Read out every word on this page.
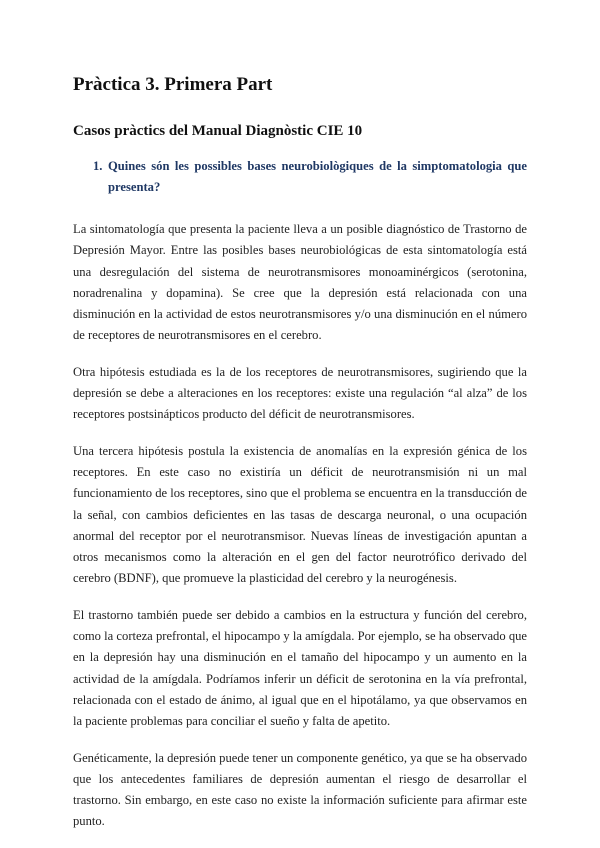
Pràctica 3. Primera Part
Casos pràctics del Manual Diagnòstic CIE 10
1. Quines són les possibles bases neurobiològiques de la simptomatologia que presenta?

La sintomatología que presenta la paciente lleva a un posible diagnóstico de Trastorno de Depresión Mayor. Entre las posibles bases neurobiológicas de esta sintomatología está una desregulación del sistema de neurotransmisores monoaminérgicos (serotonina, noradrenalina y dopamina). Se cree que la depresión está relacionada con una disminución en la actividad de estos neurotransmisores y/o una disminución en el número de receptores de neurotransmisores en el cerebro.

Otra hipótesis estudiada es la de los receptores de neurotransmisores, sugiriendo que la depresión se debe a alteraciones en los receptores: existe una regulación “al alza” de los receptores postsinápticos producto del déficit de neurotransmisores.

Una tercera hipótesis postula la existencia de anomalías en la expresión génica de los receptores. En este caso no existiría un déficit de neurotransmisión ni un mal funcionamiento de los receptores, sino que el problema se encuentra en la transducción de la señal, con cambios deficientes en las tasas de descarga neuronal, o una ocupación anormal del receptor por el neurotransmisor. Nuevas líneas de investigación apuntan a otros mecanismos como la alteración en el gen del factor neurotrófico derivado del cerebro (BDNF), que promueve la plasticidad del cerebro y la neurogénesis.

El trastorno también puede ser debido a cambios en la estructura y función del cerebro, como la corteza prefrontal, el hipocampo y la amígdala. Por ejemplo, se ha observado que en la depresión hay una disminución en el tamaño del hipocampo y un aumento en la actividad de la amígdala. Podríamos inferir un déficit de serotonina en la vía prefrontal, relacionada con el estado de ánimo, al igual que en el hipotálamo, ya que observamos en la paciente problemas para conciliar el sueño y falta de apetito.

Genéticamente, la depresión puede tener un componente genético, ya que se ha observado que los antecedentes familiares de depresión aumentan el riesgo de desarrollar el trastorno. Sin embargo, en este caso no existe la información suficiente para afirmar este punto.
